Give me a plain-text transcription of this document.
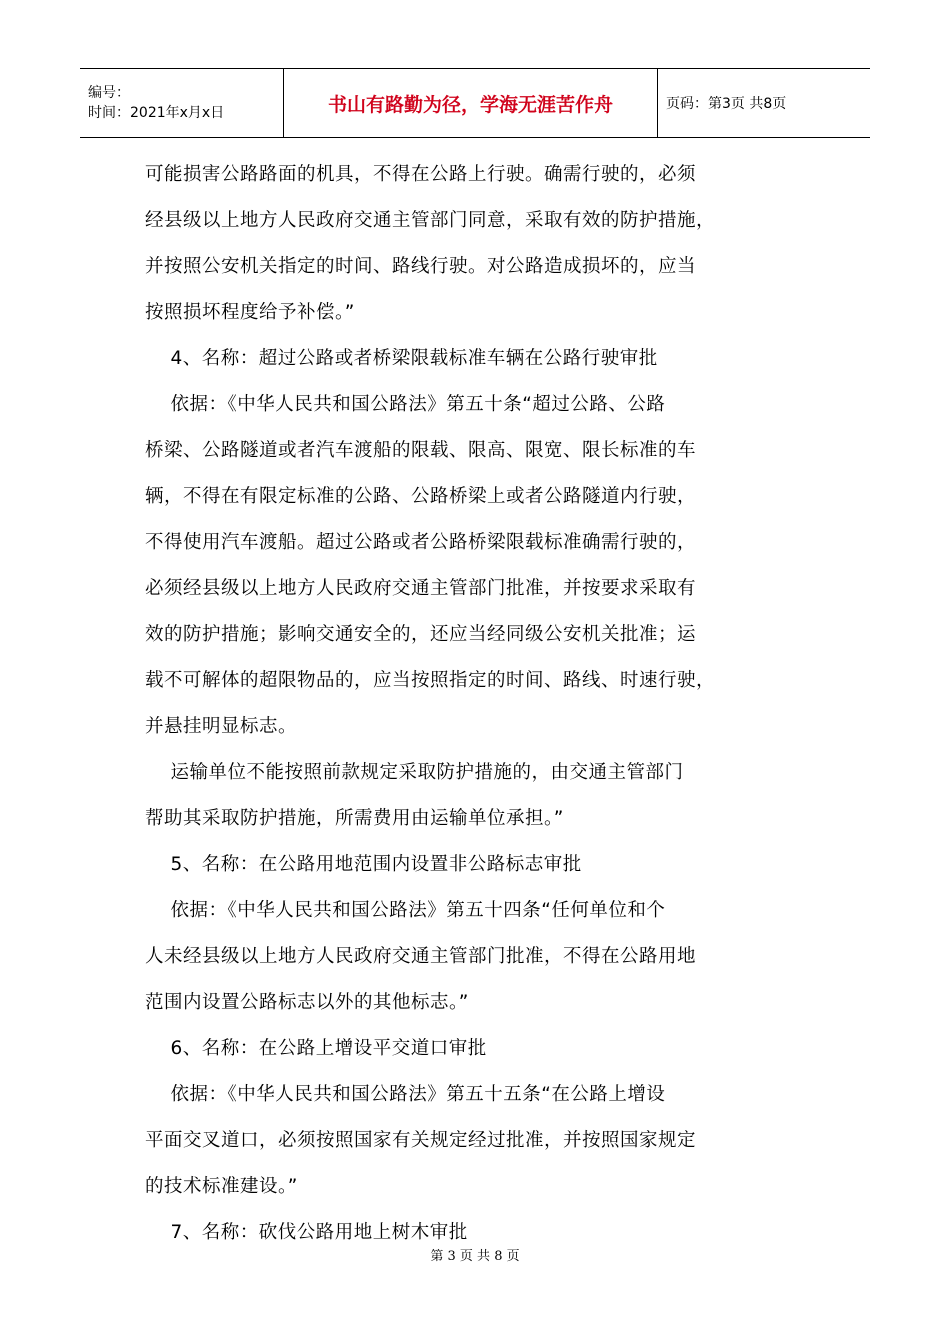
编号：
时间：2021年x月x日	书山有路勤为径，学海无涯苦作舟	页码：第3页 共8页

可能损害公路路面的机具，不得在公路上行驶。确需行驶的，必须

经县级以上地方人民政府交通主管部门同意，采取有效的防护措施，

并按照公安机关指定的时间、路线行驶。对公路造成损坏的，应当

按照损坏程度给予补偿。”

4、名称：超过公路或者桥梁限载标准车辆在公路行驶审批

依据：《中华人民共和国公路法》第五十条“超过公路、公路

桥梁、公路隧道或者汽车渡船的限载、限高、限宽、限长标准的车

辆，不得在有限定标准的公路、公路桥梁上或者公路隧道内行驶，

不得使用汽车渡船。超过公路或者公路桥梁限载标准确需行驶的，

必须经县级以上地方人民政府交通主管部门批准，并按要求采取有

效的防护措施；影响交通安全的，还应当经同级公安机关批准；运

载不可解体的超限物品的，应当按照指定的时间、路线、时速行驶，

并悬挂明显标志。

运输单位不能按照前款规定采取防护措施的，由交通主管部门

帮助其采取防护措施，所需费用由运输单位承担。”

5、名称：在公路用地范围内设置非公路标志审批

依据：《中华人民共和国公路法》第五十四条“任何单位和个

人未经县级以上地方人民政府交通主管部门批准，不得在公路用地

范围内设置公路标志以外的其他标志。”

6、名称：在公路上增设平交道口审批

依据：《中华人民共和国公路法》第五十五条“在公路上增设

平面交叉道口，必须按照国家有关规定经过批准，并按照国家规定

的技术标准建设。”

7、名称：砍伐公路用地上树木审批

第 3 页 共 8 页
